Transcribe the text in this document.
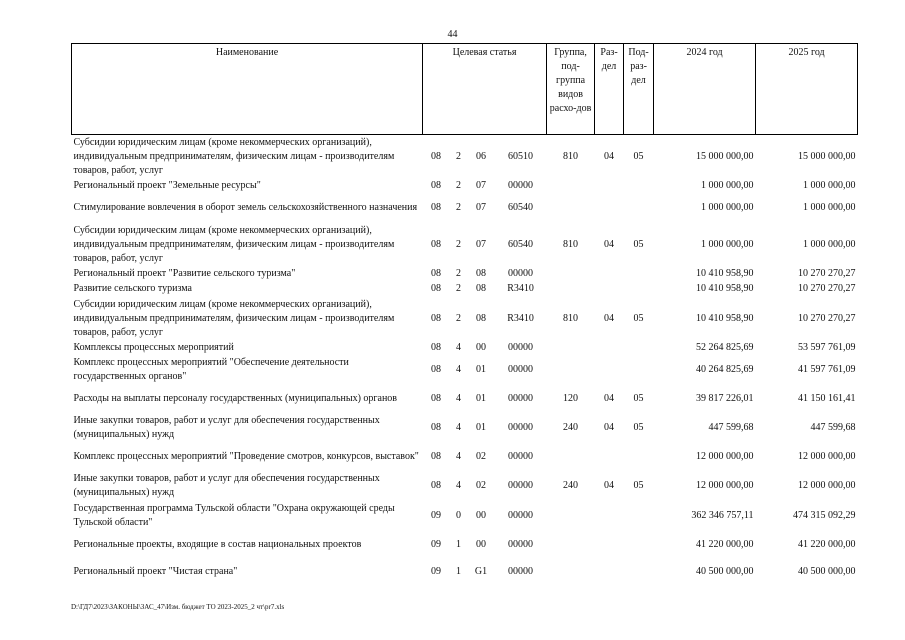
44
Наименование	Целевая статья				Группа, под-группа видов расхо-дов	Раз-дел	Под-раз-дел	2024 год	2025 год
Субсидии юридическим лицам (кроме некоммерческих организаций), индивидуальным предпринимателям, физическим лицам - производителям товаров, работ, услуг	08	2	06	60510	810	04	05	15 000 000,00	15 000 000,00
Региональный проект "Земельные ресурсы"	08	2	07	00000				1 000 000,00	1 000 000,00
Стимулирование вовлечения в оборот земель сельскохозяйственного назначения	08	2	07	60540				1 000 000,00	1 000 000,00
Субсидии юридическим лицам (кроме некоммерческих организаций), индивидуальным предпринимателям, физическим лицам - производителям товаров, работ, услуг	08	2	07	60540	810	04	05	1 000 000,00	1 000 000,00
Региональный проект "Развитие сельского туризма"	08	2	08	00000				10 410 958,90	10 270 270,27
Развитие сельского туризма	08	2	08	R3410				10 410 958,90	10 270 270,27
Субсидии юридическим лицам (кроме некоммерческих организаций), индивидуальным предпринимателям, физическим лицам - производителям товаров, работ, услуг	08	2	08	R3410	810	04	05	10 410 958,90	10 270 270,27
Комплексы процессных мероприятий	08	4	00	00000				52 264 825,69	53 597 761,09
Комплекс процессных мероприятий "Обеспечение деятельности государственных органов"	08	4	01	00000				40 264 825,69	41 597 761,09
Расходы на выплаты персоналу государственных (муниципальных) органов	08	4	01	00000	120	04	05	39 817 226,01	41 150 161,41
Иные закупки товаров, работ и услуг для обеспечения государственных (муниципальных) нужд	08	4	01	00000	240	04	05	447 599,68	447 599,68
Комплекс процессных мероприятий "Проведение смотров, конкурсов, выставок"	08	4	02	00000				12 000 000,00	12 000 000,00
Иные закупки товаров, работ и услуг для обеспечения государственных (муниципальных) нужд	08	4	02	00000	240	04	05	12 000 000,00	12 000 000,00
Государственная программа Тульской области "Охрана окружающей среды Тульской области"	09	0	00	00000				362 346 757,11	474 315 092,29
Региональные проекты, входящие в состав национальных проектов	09	1	00	00000				41 220 000,00	41 220 000,00
Региональный проект "Чистая страна"	09	1	G1	00000				40 500 000,00	40 500 000,00
D:\ГД7\2023\ЗАКОНЫ\ЗАС_47\Изм. бюджет ТО 2023-2025_2 чт\pr7.xls
